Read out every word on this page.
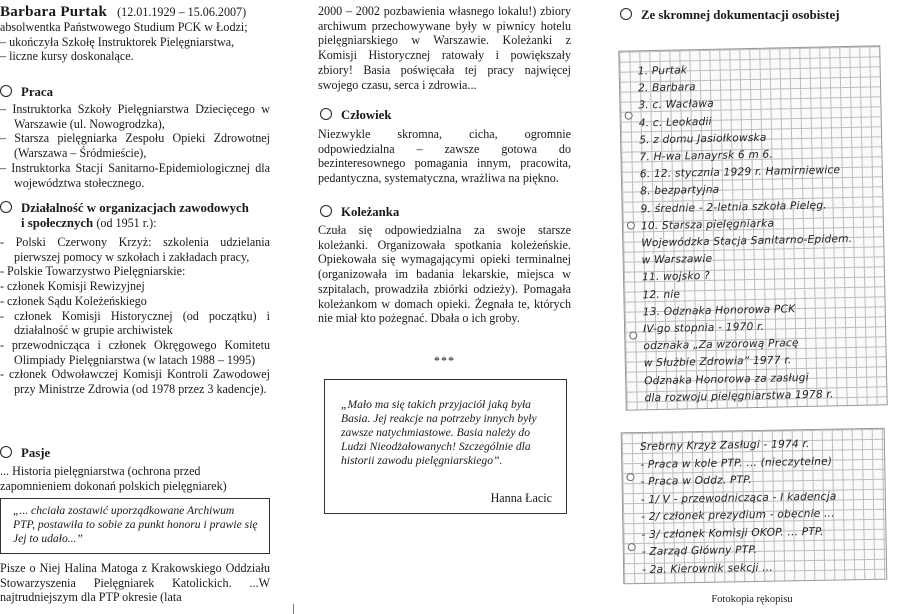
Barbara Purtak (12.01.1929 – 15.06.2007)
absolwentka Państwowego Studium PCK w Łodzi;
– ukończyła Szkołę Instruktorek Pielęgniarstwa,
– liczne kursy doskonalące.
Praca
– Instruktorka Szkoły Pielęgniarstwa Dziecięcego w Warszawie (ul. Nowogrodzka),
– Starsza pielęgniarka Zespołu Opieki Zdrowotnej (Warszawa – Śródmieście),
– Instruktorka Stacji Sanitarno-Epidemiologicznej dla województwa stołecznego.
Działalność w organizacjach zawodowych
i społecznych (od 1951 r.):
- Polski Czerwony Krzyż: szkolenia udzielania pierwszej pomocy w szkołach i zakładach pracy,
- Polskie Towarzystwo Pielęgniarskie:
- członek Komisji Rewizyjnej
- członek Sądu Koleżeńskiego
- członek Komisji Historycznej (od początku) i działalność w grupie archiwistek
- przewodnicząca i członek Okręgowego Komitetu Olimpiady Pielęgniarstwa (w latach 1988 – 1995)
- członek Odwoławczej Komisji Kontroli Zawodowej przy Ministrze Zdrowia (od 1978 przez 3 kadencje).
Pasje
... Historia pielęgniarstwa (ochrona przed zapomnieniem dokonań polskich pielęgniarek)
„... chciała zostawić uporządkowane Archiwum PTP, postawiła to sobie za punkt honoru i prawie się Jej to udało...”
Pisze o Niej Halina Matoga z Krakowskiego Oddziału Stowarzyszenia Pielęgniarek Katolickich. ...W najtrudniejszym dla PTP okresie (lata
2000 – 2002 pozbawienia własnego lokalu!) zbiory archiwum przechowywane były w piwnicy hotelu pielęgniarskiego w Warszawie. Koleżanki z Komisji Historycznej ratowały i powiększały zbiory! Basia poświęcała tej pracy najwięcej swojego czasu, serca i zdrowia...
Człowiek
Niezwykle skromna, cicha, ogromnie odpowiedzialna – zawsze gotowa do bezinteresownego pomagania innym, pracowita, pedantyczna, systematyczna, wrażliwa na piękno.
Koleżanka
Czuła się odpowiedzialna za swoje starsze koleżanki. Organizowała spotkania koleżeńskie. Opiekowała się wymagającymi opieki terminalnej (organizowała im badania lekarskie, miejsca w szpitalach, prowadziła zbiórki odzieży). Pomagała koleżankom w domach opieki. Żegnała te, których nie miał kto pożegnać. Dbała o ich groby.
***
„Mało ma się takich przyjaciół jaką była Basia. Jej reakcje na potrzeby innych były zawsze natychmiastowe. Basia należy do Ludzi Nieodżałowanych! Szczególnie dla historii zawodu pielęgniarskiego”.
Hanna Łacic
Ze skromnej dokumentacji osobistej
1. Purtak
2. Barbara
3. c. Wacława
4. c. Leokadii
5. z domu Jasiołkowska
7. H-wa Lanayrsk 6 m 6.
6. 12. stycznia 1929 r. Hamirniewice
8. bezpartyjna
9. średnie - 2-letnia szkoła Pielęg.
10. Starsza pielęgniarka
Wojewódzka Stacja Sanitarno-Epidem.
w Warszawie
11. wojsko ?
12. nie
13. Odznaka Honorowa PCK
IV-go stopnia - 1970 r.
odznaka „Za wzorową Pracę
w Służbie Zdrowia” 1977 r.
Odznaka Honorowa za zasługi
dla rozwoju pielęgniarstwa 1978 r.
Srebrny Krzyż Zasługi - 1974 r.
- Praca w kole PTP. ... (nieczytelne)
- Praca w Oddz. PTP.
- 1/ V - przewodnicząca - I kadencja
- 2/ członek prezydium - obecnie ...
- 3/ członek Komisji OKOP. ... PTP.
- Zarząd Główny PTP.
- 2a. Kierownik sekcji ...
Fotokopia rękopisu
